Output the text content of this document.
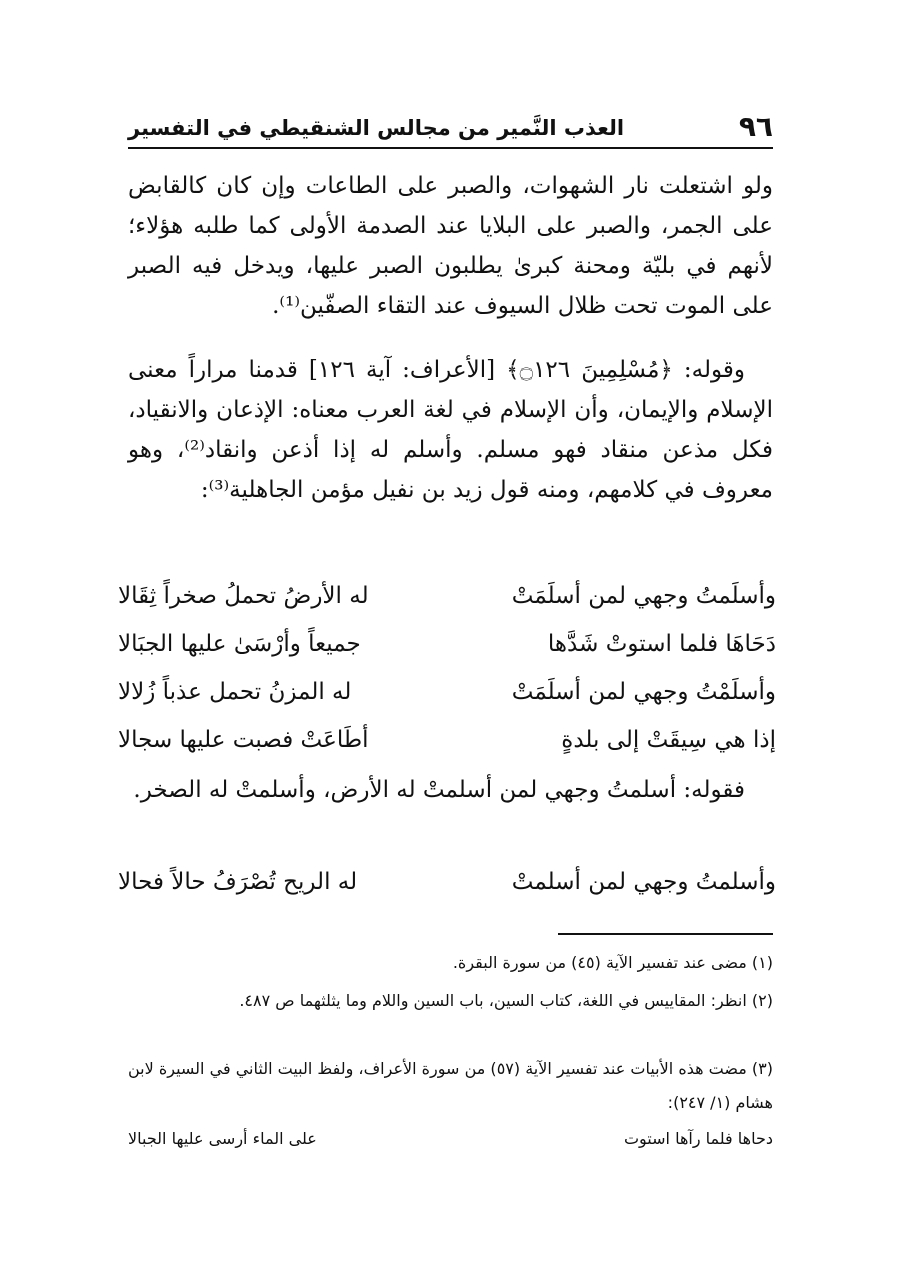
٩٦
العذب النَّمير من مجالس الشنقيطي في التفسير
ولو اشتعلت نار الشهوات، والصبر على الطاعات وإن كان كالقابض على الجمر، والصبر على البلايا عند الصدمة الأولى كما طلبه هؤلاء؛ لأنهم في بليّة ومحنة كبرىٰ يطلبون الصبر عليها، ويدخل فيه الصبر على الموت تحت ظلال السيوف عند التقاء الصفّين⁽¹⁾.
وقوله: ﴿مُسْلِمِينَ ۝١٢٦﴾ [الأعراف: آية ١٢٦] قدمنا مراراً معنى الإسلام والإيمان، وأن الإسلام في لغة العرب معناه: الإذعان والانقياد، فكل مذعن منقاد فهو مسلم. وأسلم له إذا أذعن وانقاد⁽²⁾، وهو معروف في كلامهم، ومنه قول زيد بن نفيل مؤمن الجاهلية⁽³⁾:
وأسلَمتُ وجهي لمن أسلَمَتْ
له الأرضُ تحملُ صخراً ثِقَالا
دَحَاهَا فلما استوتْ شَدَّها
جميعاً وأرْسَىٰ عليها الجبَالا
وأسلَمْتُ وجهي لمن أسلَمَتْ
له المزنُ تحمل عذباً زُلالا
إذا هي سِيقَتْ إلى بلدةٍ
أطَاعَتْ فصبت عليها سجالا
فقوله: أسلمتُ وجهي لمن أسلمتْ له الأرض، وأسلمتْ له الصخر.
وأسلمتُ وجهي لمن أسلمتْ
له الريح تُصْرَفُ حالاً فحالا
(١) مضى عند تفسير الآية (٤٥) من سورة البقرة.
(٢) انظر: المقاييس في اللغة، كتاب السين، باب السين واللام وما يثلثهما ص ٤٨٧.
(٣) مضت هذه الأبيات عند تفسير الآية (٥٧) من سورة الأعراف، ولفظ البيت الثاني في السيرة لابن هشام (١/ ٢٤٧):
دحاها فلما رآها استوت
على الماء أرسى عليها الجبالا
